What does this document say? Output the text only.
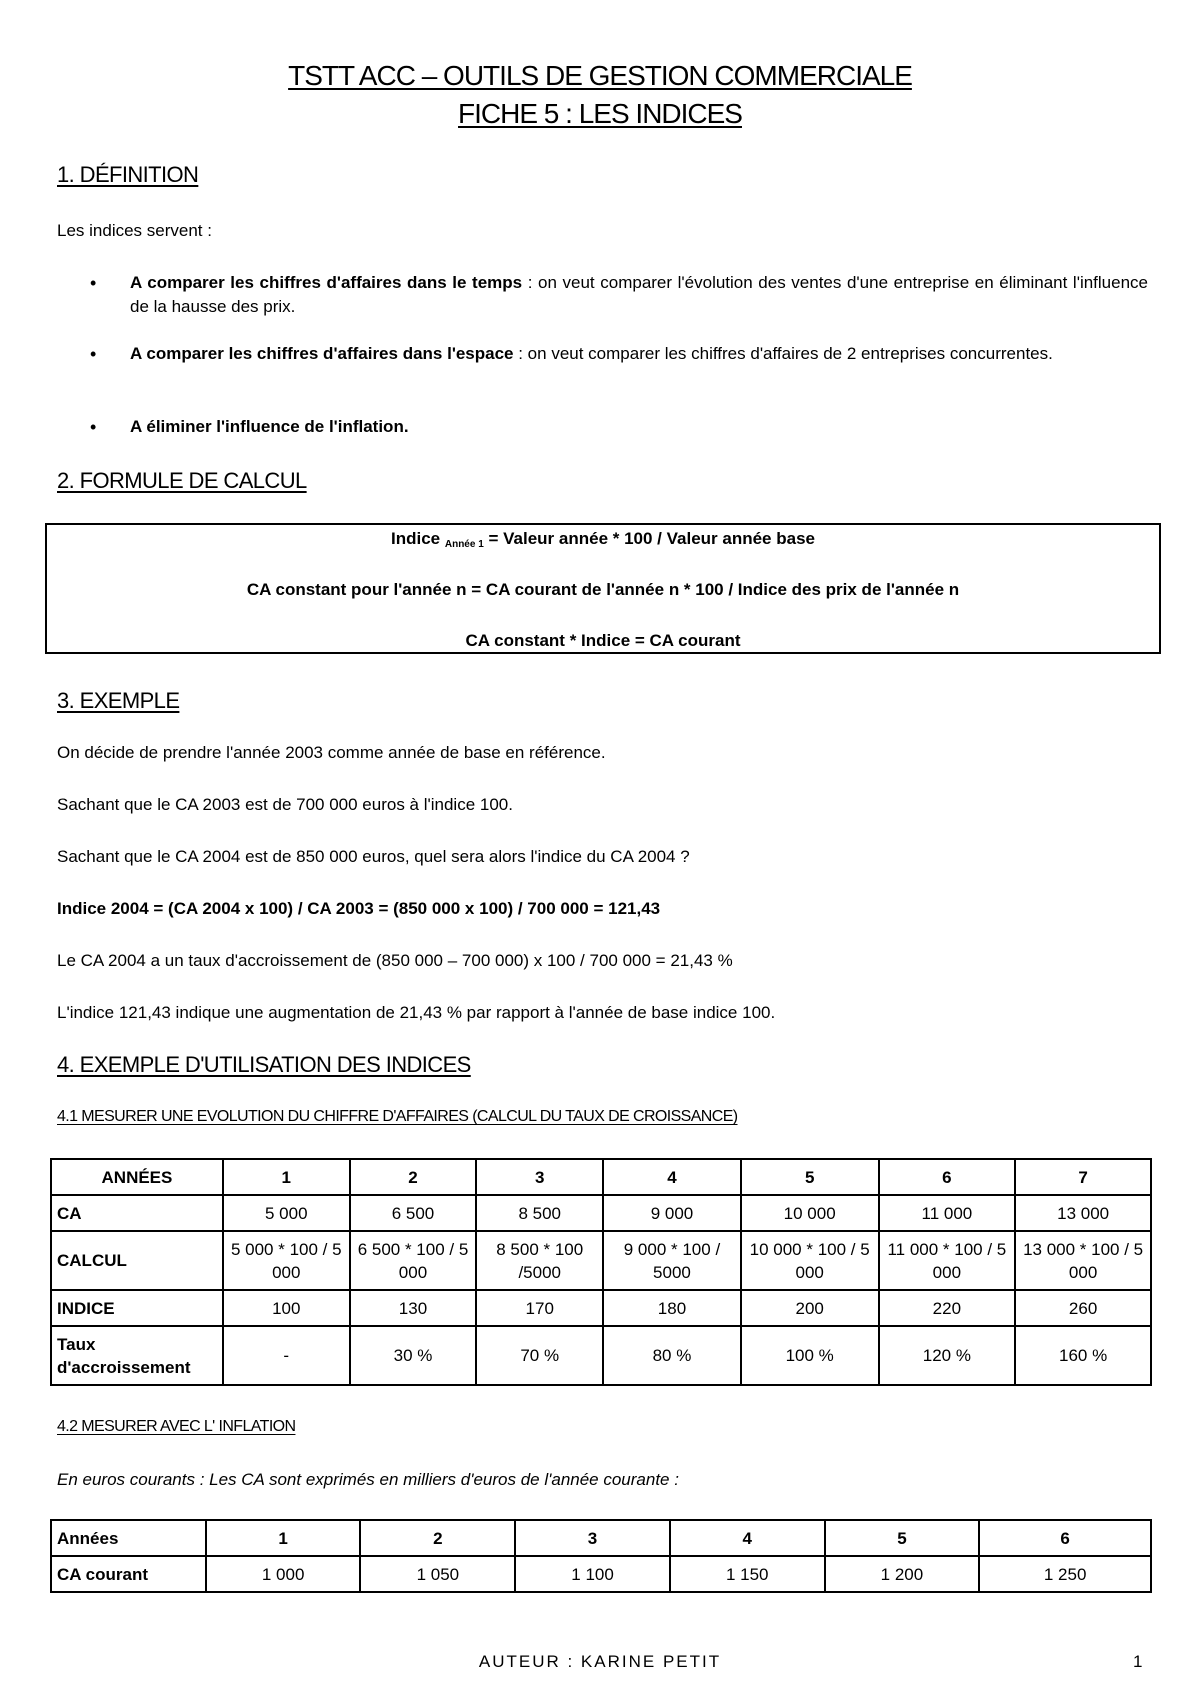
TSTT ACC – OUTILS DE GESTION COMMERCIALE
FICHE 5 : LES INDICES
1. DÉFINITION
Les indices servent :
• A comparer les chiffres d'affaires dans le temps : on veut comparer l'évolution des ventes d'une entreprise en éliminant l'influence de la hausse des prix.
• A comparer les chiffres d'affaires dans l'espace : on veut comparer les chiffres d'affaires de 2 entreprises concurrentes.
• A éliminer l'influence de l'inflation.
2. FORMULE DE CALCUL
Indice $_{Année 1}$ = Valeur année * 100 / Valeur année base
CA constant pour l'année n = CA courant de l'année n * 100 / Indice des prix de l'année n
CA constant * Indice = CA courant
3. EXEMPLE
On décide de prendre l'année 2003 comme année de base en référence.
Sachant que le CA 2003 est de 700 000 euros à l'indice 100.
Sachant que le CA 2004 est de 850 000 euros, quel sera alors l'indice du CA 2004 ?
Indice 2004 = (CA 2004 x 100) / CA 2003 = (850 000 x 100) / 700 000 = 121,43
Le CA 2004 a un taux d'accroissement de (850 000 – 700 000) x 100 / 700 000 = 21,43 %
L'indice 121,43 indique une augmentation de 21,43 % par rapport à l'année de base indice 100.
4. EXEMPLE D'UTILISATION DES INDICES
4.1 MESURER UNE EVOLUTION DU CHIFFRE D'AFFAIRES (CALCUL DU TAUX DE CROISSANCE)
ANNÉES	1	2	3	4	5	6	7
CA	5 000	6 500	8 500	9 000	10 000	11 000	13 000
CALCUL	5 000 * 100 / 5 000	6 500 * 100 / 5 000	8 500 * 100 /5000	9 000 * 100 / 5000	10 000 * 100 / 5 000	11 000 * 100 / 5 000	13 000 * 100 / 5 000
INDICE	100	130	170	180	200	220	260
Taux d'accroissement	-	30 %	70 %	80 %	100 %	120 %	160 %
4.2 MESURER AVEC L' INFLATION
En euros courants : Les CA sont exprimés en milliers d'euros de l'année courante :
Années	1	2	3	4	5	6
CA courant	1 000	1 050	1 100	1 150	1 200	1 250
AUTEUR : KARINE PETIT	1
